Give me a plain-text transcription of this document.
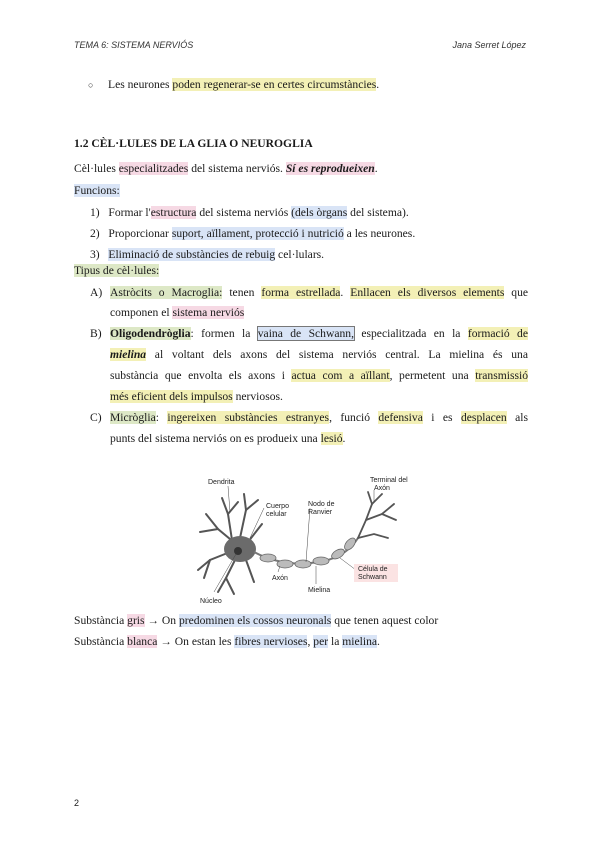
TEMA 6: SISTEMA NERVIÓS	Jana Serret López
○ Les neurones poden regenerar-se en certes circumstàncies.
1.2 CÈL·LULES DE LA GLIA O NEUROGLIA
Cèl·lules especialitzades del sistema nerviós. Sí es reprodueixen.
Funcions:
1) Formar l'estructura del sistema nerviós (dels òrgans del sistema).
2) Proporcionar suport, aïllament, protecció i nutrició a les neurones.
3) Eliminació de substàncies de rebuig cel·lulars.
Tipus de cèl·lules:
A) Astròcits o Macroglia: tenen forma estrellada. Enllacen els diversos elements que
componen el sistema nerviós
B) Oligodendròglia: formen la vaina de Schwann, especialitzada en la formació de
mielina al voltant dels axons del sistema nerviós central. La mielina és una
substància que envolta els axons i actua com a aïllant, permetent una transmissió
més eficient dels impulsos nerviosos.
C) Micròglia: ingereixen substàncies estranyes, funció defensiva i es desplacen als
punts del sistema nerviós on es produeix una lesió.
Dendrita
Cuerpo
celular
Nodo de
Ranvier
Terminal del
Axón
Célula de
Schwann
Axón
Núcleo
Mielina
Substància gris → On predominen els cossos neuronals que tenen aquest color
Substància blanca → On estan les fibres nervioses, per la mielina.
2
